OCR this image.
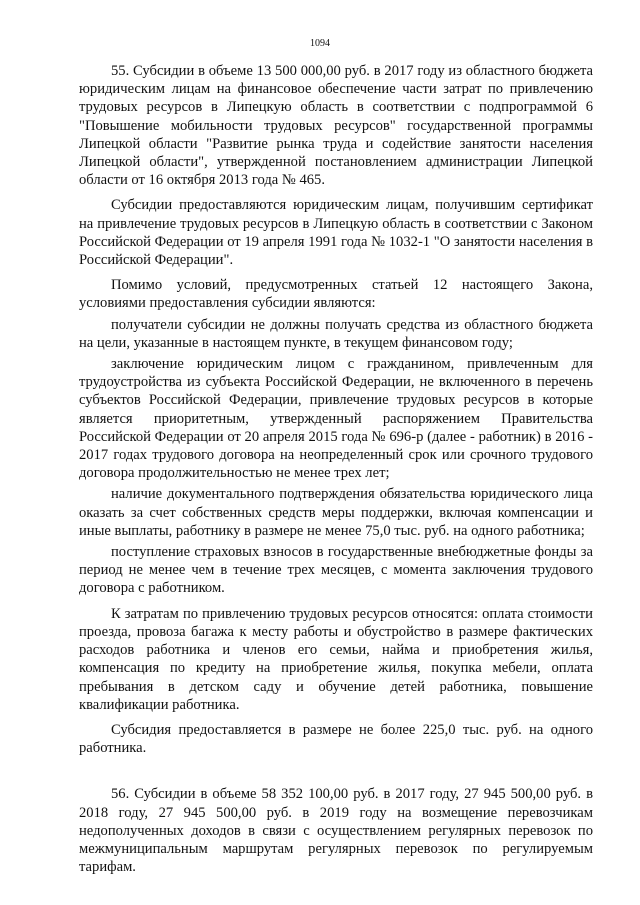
1094

55. Субсидии в объеме 13 500 000,00 руб. в 2017 году из областного бюджета юридическим лицам на финансовое обеспечение части затрат по привлечению трудовых ресурсов в Липецкую область в соответствии с подпрограммой 6 "Повышение мобильности трудовых ресурсов" государственной программы Липецкой области "Развитие рынка труда и содействие занятости населения Липецкой области", утвержденной постановлением администрации Липецкой области от 16 октября 2013 года № 465.

Субсидии предоставляются юридическим лицам, получившим сертификат на привлечение трудовых ресурсов в Липецкую область в соответствии с Законом Российской Федерации от 19 апреля 1991 года № 1032-1 "О занятости населения в Российской Федерации".

Помимо условий, предусмотренных статьей 12 настоящего Закона, условиями предоставления субсидии являются:

получатели субсидии не должны получать средства из областного бюджета на цели, указанные в настоящем пункте, в текущем финансовом году;

заключение юридическим лицом с гражданином, привлеченным для трудоустройства из субъекта Российской Федерации, не включенного в перечень субъектов Российской Федерации, привлечение трудовых ресурсов в которые является приоритетным, утвержденный распоряжением Правительства Российской Федерации от 20 апреля 2015 года № 696-р (далее - работник) в 2016 - 2017 годах трудового договора на неопределенный срок или срочного трудового договора продолжительностью не менее трех лет;

наличие документального подтверждения обязательства юридического лица оказать за счет собственных средств меры поддержки, включая компенсации и иные выплаты, работнику в размере не менее 75,0 тыс. руб. на одного работника;

поступление страховых взносов в государственные внебюджетные фонды за период не менее чем в течение трех месяцев, с момента заключения трудового договора с работником.

К затратам по привлечению трудовых ресурсов относятся: оплата стоимости проезда, провоза багажа к месту работы и обустройство в размере фактических расходов работника и членов его семьи, найма и приобретения жилья, компенсация по кредиту на приобретение жилья, покупка мебели, оплата пребывания в детском саду и обучение детей работника, повышение квалификации работника.

Субсидия предоставляется в размере не более 225,0 тыс. руб. на одного работника.

56. Субсидии в объеме 58 352 100,00 руб. в 2017 году, 27 945 500,00 руб. в 2018 году, 27 945 500,00 руб. в 2019 году на возмещение перевозчикам недополученных доходов в связи с осуществлением регулярных перевозок по межмуниципальным маршрутам регулярных перевозок по регулируемым тарифам.
